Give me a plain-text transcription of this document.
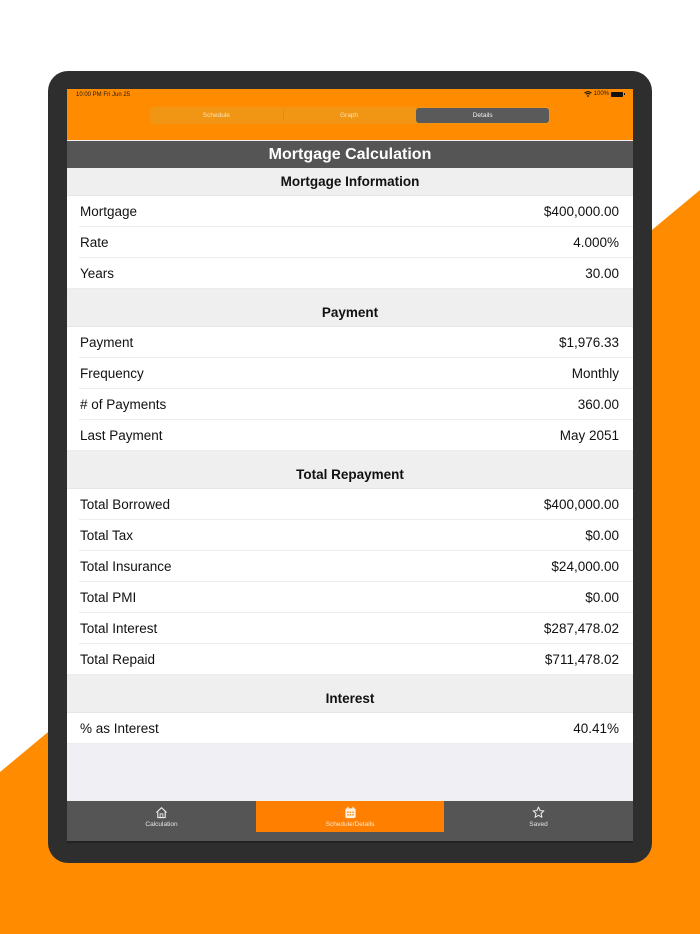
10:00 PM Fri Jun 25	100%
Schedule	Graph	Details
Mortgage Calculation
Mortgage Information
Mortgage	$400,000.00
Rate	4.000%
Years	30.00
Payment
Payment	$1,976.33
Frequency	Monthly
# of Payments	360.00
Last Payment	May 2051
Total Repayment
Total Borrowed	$400,000.00
Total Tax	$0.00
Total Insurance	$24,000.00
Total PMI	$0.00
Total Interest	$287,478.02
Total Repaid	$711,478.02
Interest
% as Interest	40.41%
Calculation	Schedule/Details	Saved
